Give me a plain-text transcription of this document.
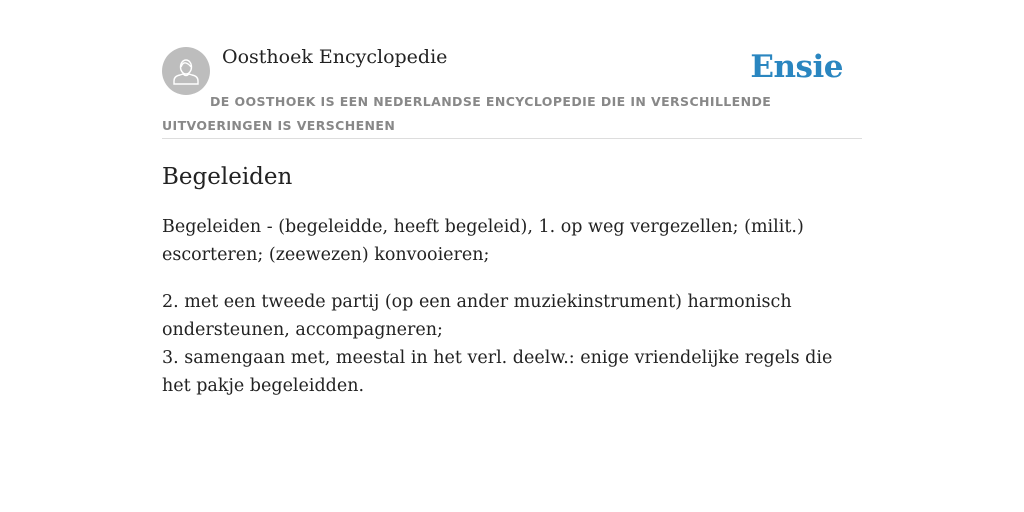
Oosthoek Encyclopedie	Ensie
DE OOSTHOEK IS EEN NEDERLANDSE ENCYCLOPEDIE DIE IN VERSCHILLENDE UITVOERINGEN IS VERSCHENEN
Begeleiden

Begeleiden - (begeleidde, heeft begeleid), 1. op weg vergezellen; (milit.) escorteren; (zeewezen) konvooieren;

2. met een tweede partij (op een ander muziekinstrument) harmonisch ondersteunen, accompagneren;

3. samengaan met, meestal in het verl. deelw.: enige vriendelijke regels die het pakje begeleidden.
